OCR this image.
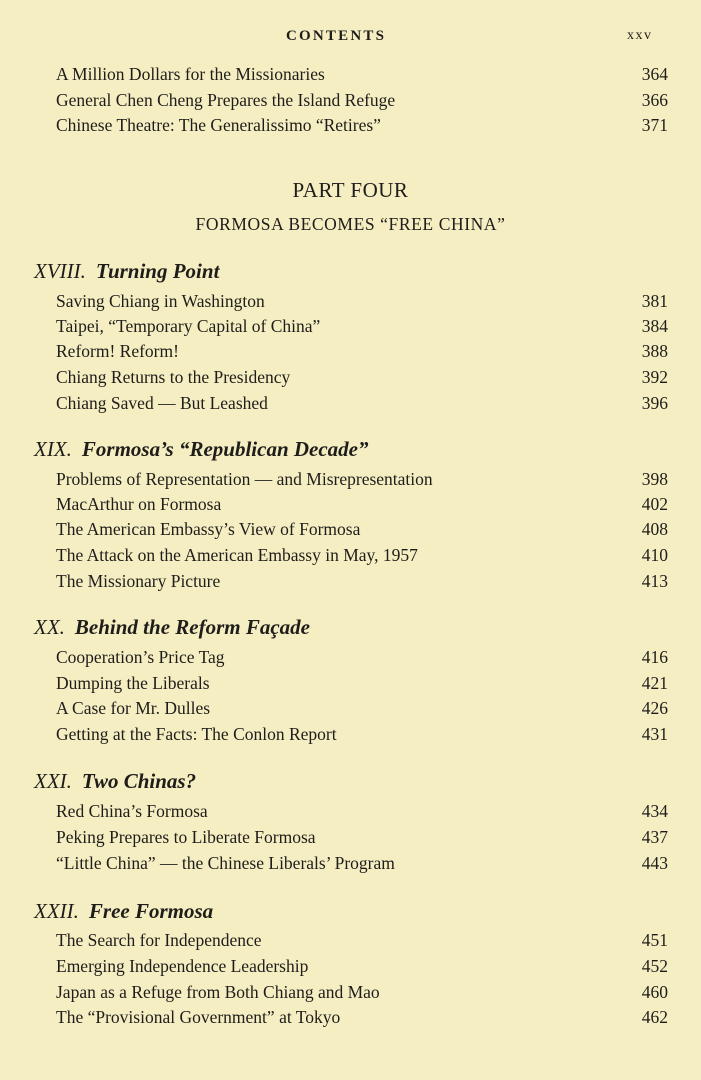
CONTENTS	xxv
A Million Dollars for the Missionaries	364
General Chen Cheng Prepares the Island Refuge	366
Chinese Theatre: The Generalissimo “Retires”	371
PART FOUR
FORMOSA BECOMES “FREE CHINA”
XVIII. Turning Point
Saving Chiang in Washington	381
Taipei, “Temporary Capital of China”	384
Reform! Reform!	388
Chiang Returns to the Presidency	392
Chiang Saved — But Leashed	396
XIX. Formosa’s “Republican Decade”
Problems of Representation — and Misrepresentation	398
MacArthur on Formosa	402
The American Embassy’s View of Formosa	408
The Attack on the American Embassy in May, 1957	410
The Missionary Picture	413
XX. Behind the Reform Façade
Cooperation’s Price Tag	416
Dumping the Liberals	421
A Case for Mr. Dulles	426
Getting at the Facts: The Conlon Report	431
XXI. Two Chinas?
Red China’s Formosa	434
Peking Prepares to Liberate Formosa	437
“Little China” — the Chinese Liberals’ Program	443
XXII. Free Formosa
The Search for Independence	451
Emerging Independence Leadership	452
Japan as a Refuge from Both Chiang and Mao	460
The “Provisional Government” at Tokyo	462
